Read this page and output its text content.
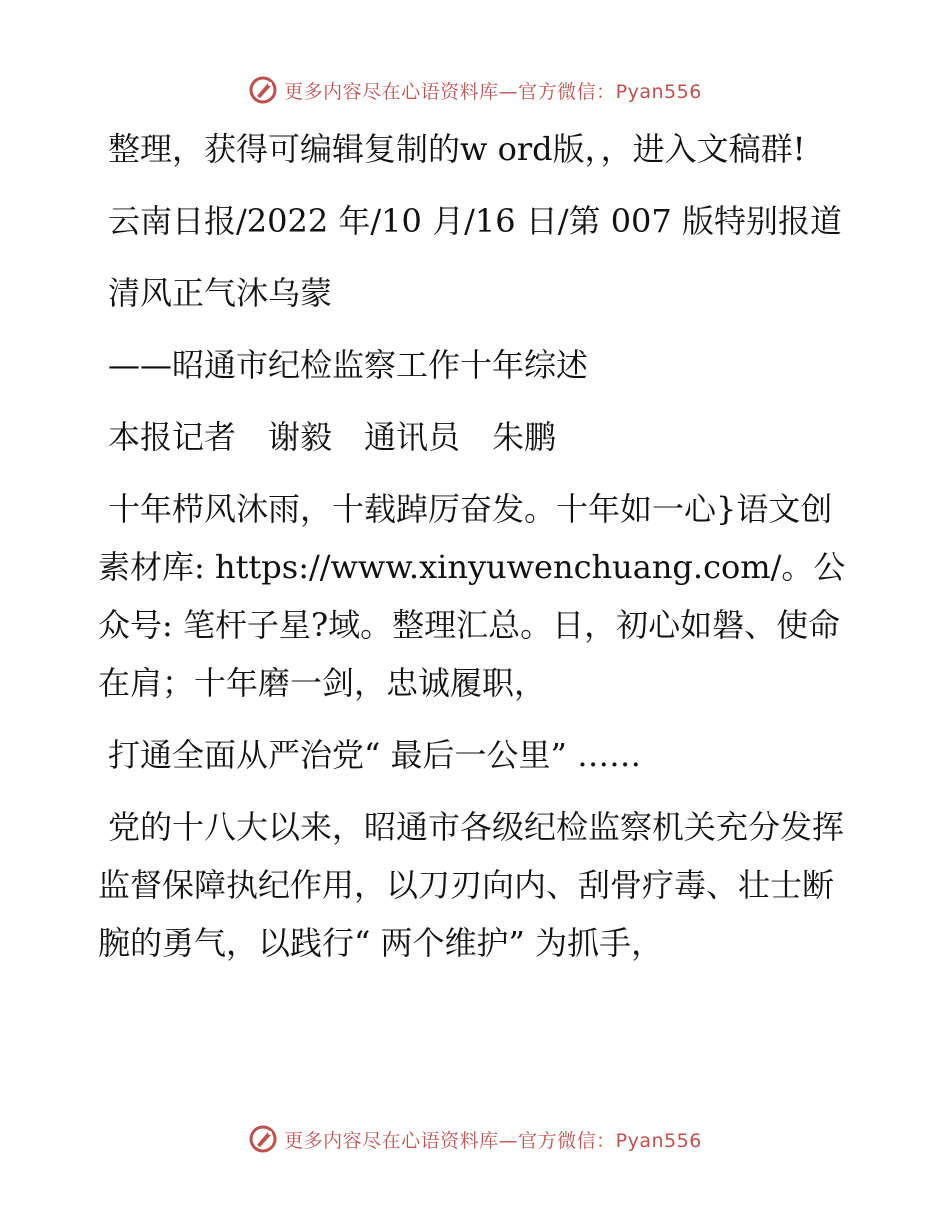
更多内容尽在心语资料库—官方微信：Pyan556

整理，获得可编辑复制的w ord版，，进入文稿群!

云南日报/2022 年/10 月/16 日/第 007 版特别报道

清风正气沐乌蒙

——昭通市纪检监察工作十年综述

本报记者　谢毅　通讯员　朱鹏

十年栉风沐雨，十载踔厉奋发。十年如一心}语文创素材库: https://www.xinyuwenchuang.com/。公众号: 笔杆子星?域。整理汇总。日，初心如磐、使命在肩；十年磨一剑，忠诚履职，

打通全面从严治党“ 最后一公里” ……

党的十八大以来，昭通市各级纪检监察机关充分发挥监督保障执纪作用，以刀刃向内、刮骨疗毒、壮士断腕的勇气，以践行“ 两个维护” 为抓手，

更多内容尽在心语资料库—官方微信：Pyan556
